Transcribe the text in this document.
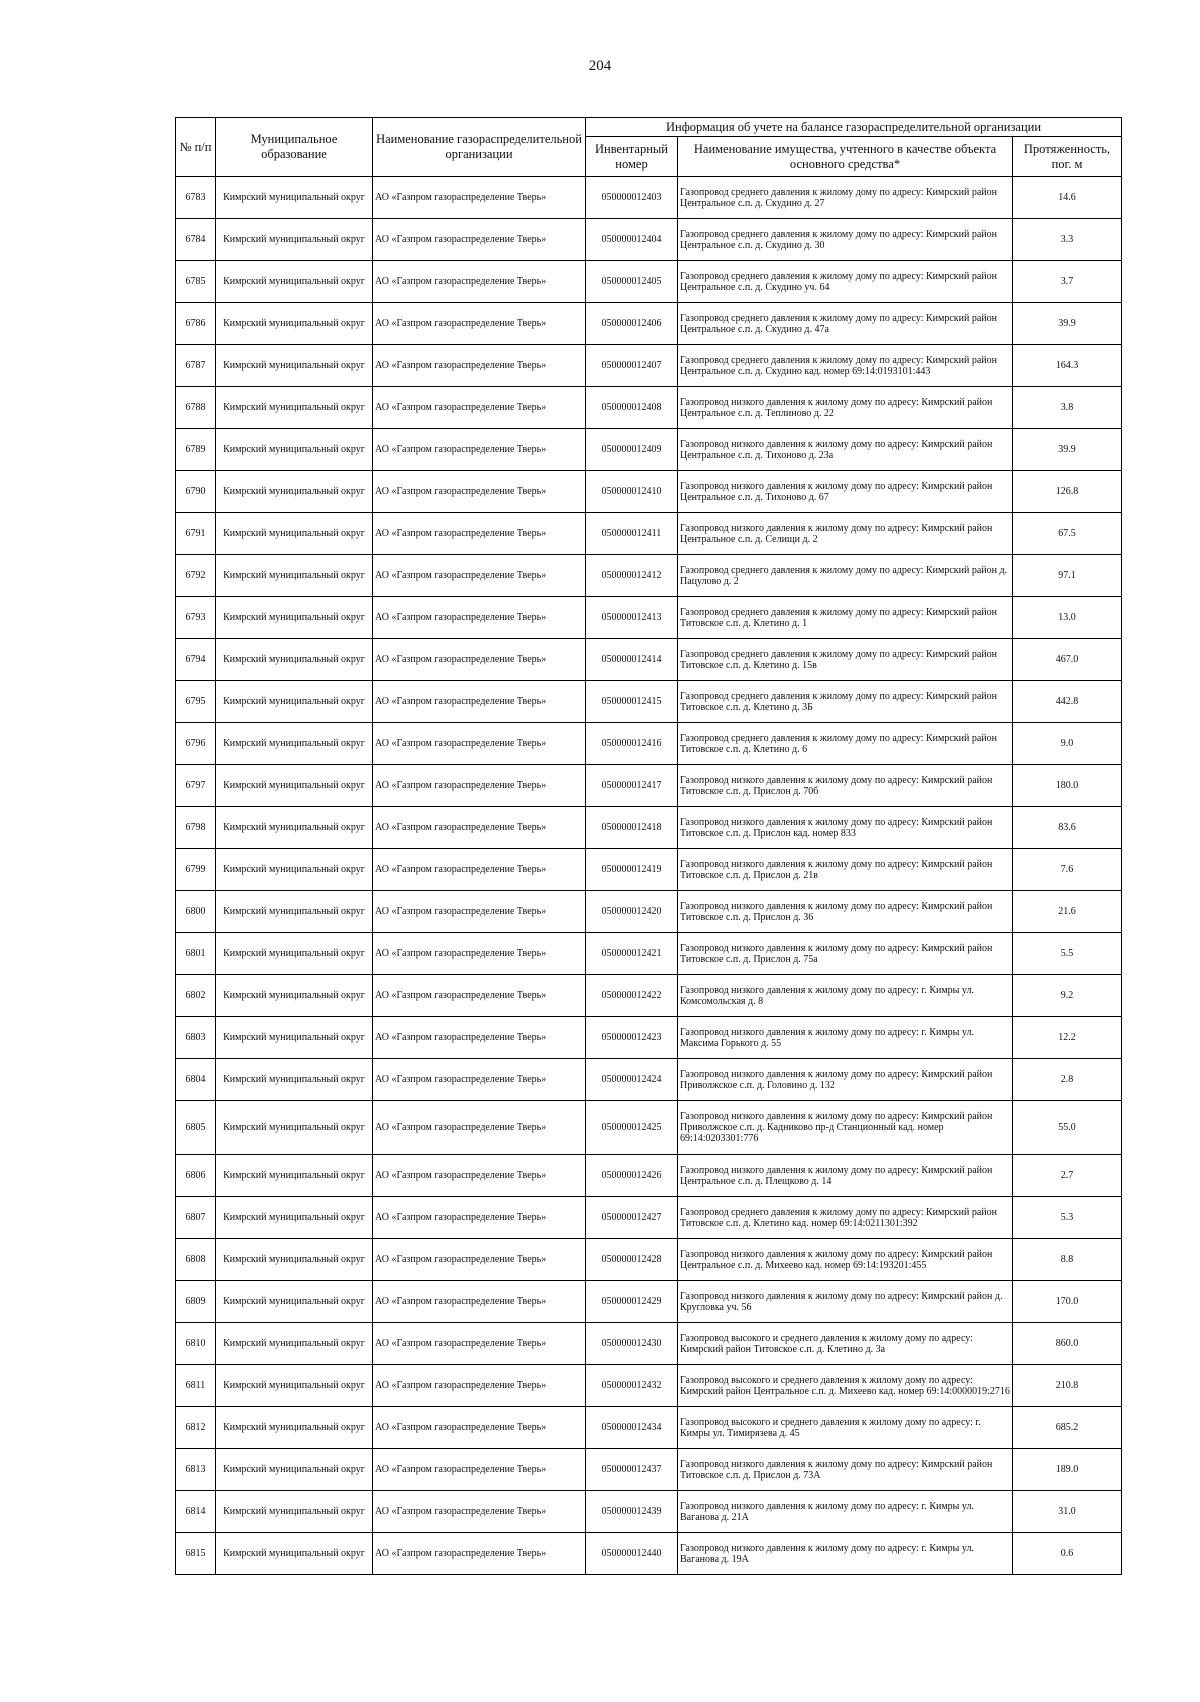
204
№ п/п	Муниципальное образование	Наименование газораспределительной организации	Информация об учете на балансе газораспределительной организации		
			Инвентарный номер	Наименование имущества, учтенного в качестве объекта основного средства*	Протяженность, пог. м
6783	Кимрский муниципальный округ	АО «Газпром газораспределение Тверь»	050000012403	Газопровод среднего давления к жилому дому по адресу: Кимрский район Центральное с.п. д. Скудино д. 27	14.6
6784	Кимрский муниципальный округ	АО «Газпром газораспределение Тверь»	050000012404	Газопровод среднего давления к жилому дому по адресу: Кимрский район Центральное с.п. д. Скудино д. 30	3.3
6785	Кимрский муниципальный округ	АО «Газпром газораспределение Тверь»	050000012405	Газопровод среднего давления к жилому дому по адресу: Кимрский район Центральное с.п. д. Скудино уч. 64	3.7
6786	Кимрский муниципальный округ	АО «Газпром газораспределение Тверь»	050000012406	Газопровод среднего давления к жилому дому по адресу: Кимрский район Центральное с.п. д. Скудино д. 47а	39.9
6787	Кимрский муниципальный округ	АО «Газпром газораспределение Тверь»	050000012407	Газопровод среднего давления к жилому дому по адресу: Кимрский район Центральное с.п. д. Скудино кад. номер 69:14:0193101:443	164.3
6788	Кимрский муниципальный округ	АО «Газпром газораспределение Тверь»	050000012408	Газопровод низкого давления к жилому дому по адресу: Кимрский район Центральное с.п. д. Теплиново д. 22	3.8
6789	Кимрский муниципальный округ	АО «Газпром газораспределение Тверь»	050000012409	Газопровод низкого давления к жилому дому по адресу: Кимрский район Центральное с.п. д. Тихоново д. 23а	39.9
6790	Кимрский муниципальный округ	АО «Газпром газораспределение Тверь»	050000012410	Газопровод низкого давления к жилому дому по адресу: Кимрский район Центральное с.п. д. Тихоново д. 67	126.8
6791	Кимрский муниципальный округ	АО «Газпром газораспределение Тверь»	050000012411	Газопровод низкого давления к жилому дому по адресу: Кимрский район Центральное с.п. д. Селищи д. 2	67.5
6792	Кимрский муниципальный округ	АО «Газпром газораспределение Тверь»	050000012412	Газопровод среднего давления к жилому дому по адресу: Кимрский район д. Пацулово д. 2	97.1
6793	Кимрский муниципальный округ	АО «Газпром газораспределение Тверь»	050000012413	Газопровод среднего давления к жилому дому по адресу: Кимрский район Титовское с.п. д. Клетино д. 1	13.0
6794	Кимрский муниципальный округ	АО «Газпром газораспределение Тверь»	050000012414	Газопровод среднего давления к жилому дому по адресу: Кимрский район Титовское с.п. д. Клетино д. 15в	467.0
6795	Кимрский муниципальный округ	АО «Газпром газораспределение Тверь»	050000012415	Газопровод среднего давления к жилому дому по адресу: Кимрский район Титовское с.п. д. Клетино д. 3Б	442.8
6796	Кимрский муниципальный округ	АО «Газпром газораспределение Тверь»	050000012416	Газопровод среднего давления к жилому дому по адресу: Кимрский район Титовское с.п. д. Клетино д. 6	9.0
6797	Кимрский муниципальный округ	АО «Газпром газораспределение Тверь»	050000012417	Газопровод низкого давления к жилому дому по адресу: Кимрский район Титовское с.п. д. Прислон д. 70б	180.0
6798	Кимрский муниципальный округ	АО «Газпром газораспределение Тверь»	050000012418	Газопровод низкого давления к жилому дому по адресу: Кимрский район Титовское с.п. д. Прислон кад. номер 833	83.6
6799	Кимрский муниципальный округ	АО «Газпром газораспределение Тверь»	050000012419	Газопровод низкого давления к жилому дому по адресу: Кимрский район Титовское с.п. д. Прислон д. 21в	7.6
6800	Кимрский муниципальный округ	АО «Газпром газораспределение Тверь»	050000012420	Газопровод низкого давления к жилому дому по адресу: Кимрский район Титовское с.п. д. Прислон д. 36	21.6
6801	Кимрский муниципальный округ	АО «Газпром газораспределение Тверь»	050000012421	Газопровод низкого давления к жилому дому по адресу: Кимрский район Титовское с.п. д. Прислон д. 75а	5.5
6802	Кимрский муниципальный округ	АО «Газпром газораспределение Тверь»	050000012422	Газопровод низкого давления к жилому дому по адресу: г. Кимры ул. Комсомольская д. 8	9.2
6803	Кимрский муниципальный округ	АО «Газпром газораспределение Тверь»	050000012423	Газопровод низкого давления к жилому дому по адресу: г. Кимры ул. Максима Горького д. 55	12.2
6804	Кимрский муниципальный округ	АО «Газпром газораспределение Тверь»	050000012424	Газопровод низкого давления к жилому дому по адресу: Кимрский район Приволжское с.п. д. Головино д. 132	2.8
6805	Кимрский муниципальный округ	АО «Газпром газораспределение Тверь»	050000012425	Газопровод низкого давления к жилому дому по адресу: Кимрский район Приволжское с.п. д. Кадниково пр-д Станционный кад. номер 69:14:0203301:776	55.0
6806	Кимрский муниципальный округ	АО «Газпром газораспределение Тверь»	050000012426	Газопровод низкого давления к жилому дому по адресу: Кимрский район Центральное с.п. д. Плещково д. 14	2.7
6807	Кимрский муниципальный округ	АО «Газпром газораспределение Тверь»	050000012427	Газопровод среднего давления к жилому дому по адресу: Кимрский район Титовское с.п. д. Клетино кад. номер 69:14:0211301:392	5.3
6808	Кимрский муниципальный округ	АО «Газпром газораспределение Тверь»	050000012428	Газопровод низкого давления к жилому дому по адресу: Кимрский район Центральное с.п. д. Михеево кад. номер 69:14:193201:455	8.8
6809	Кимрский муниципальный округ	АО «Газпром газораспределение Тверь»	050000012429	Газопровод низкого давления к жилому дому по адресу: Кимрский район д. Кругловка уч. 56	170.0
6810	Кимрский муниципальный округ	АО «Газпром газораспределение Тверь»	050000012430	Газопровод высокого и среднего давления к жилому дому по адресу: Кимрский район Титовское с.п. д. Клетино д. 3а	860.0
6811	Кимрский муниципальный округ	АО «Газпром газораспределение Тверь»	050000012432	Газопровод высокого и среднего давления к жилому дому по адресу: Кимрский район Центральное с.п. д. Михеево кад. номер 69:14:0000019:2716	210.8
6812	Кимрский муниципальный округ	АО «Газпром газораспределение Тверь»	050000012434	Газопровод высокого и среднего давления к жилому дому по адресу: г. Кимры ул. Тимирязева д. 45	685.2
6813	Кимрский муниципальный округ	АО «Газпром газораспределение Тверь»	050000012437	Газопровод низкого давления к жилому дому по адресу: Кимрский район Титовское с.п. д. Прислон д. 73А	189.0
6814	Кимрский муниципальный округ	АО «Газпром газораспределение Тверь»	050000012439	Газопровод низкого давления к жилому дому по адресу: г. Кимры ул. Ваганова д. 21А	31.0
6815	Кимрский муниципальный округ	АО «Газпром газораспределение Тверь»	050000012440	Газопровод низкого давления к жилому дому по адресу: г. Кимры ул. Ваганова д. 19А	0.6
